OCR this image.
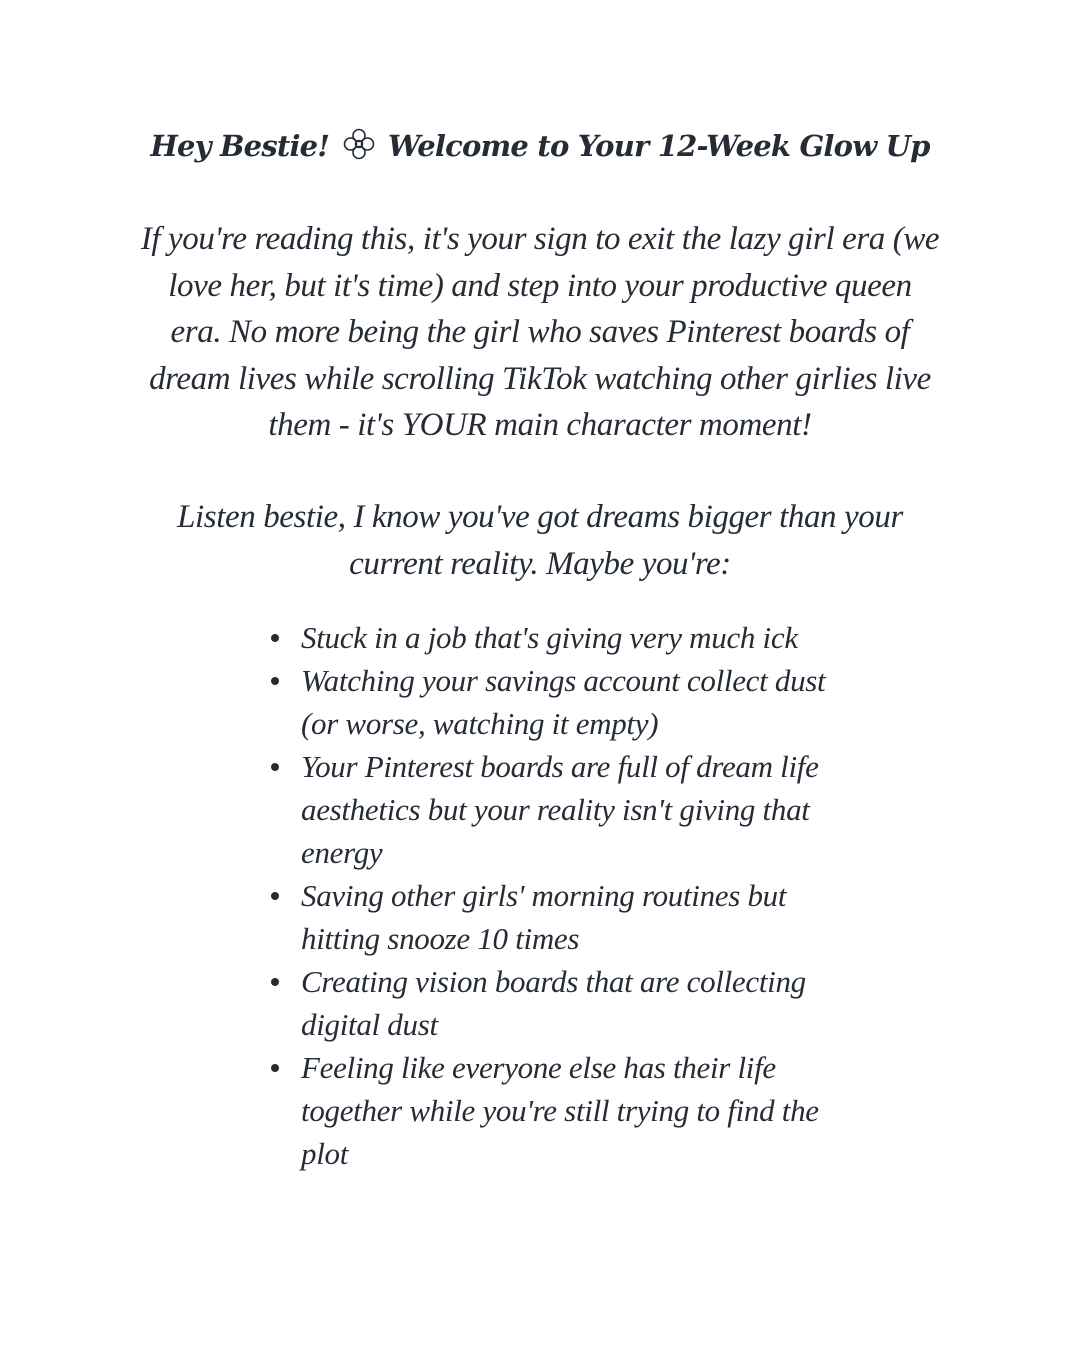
Hey Bestie! Welcome to Your 12-Week Glow Up

If you're reading this, it's your sign to exit the lazy girl era (we love her, but it's time) and step into your productive queen era. No more being the girl who saves Pinterest boards of dream lives while scrolling TikTok watching other girlies live them - it's YOUR main character moment!

Listen bestie, I know you've got dreams bigger than your current reality. Maybe you're:

Stuck in a job that's giving very much ick
Watching your savings account collect dust (or worse, watching it empty)
Your Pinterest boards are full of dream life aesthetics but your reality isn't giving that energy
Saving other girls' morning routines but hitting snooze 10 times
Creating vision boards that are collecting digital dust
Feeling like everyone else has their life together while you're still trying to find the plot
